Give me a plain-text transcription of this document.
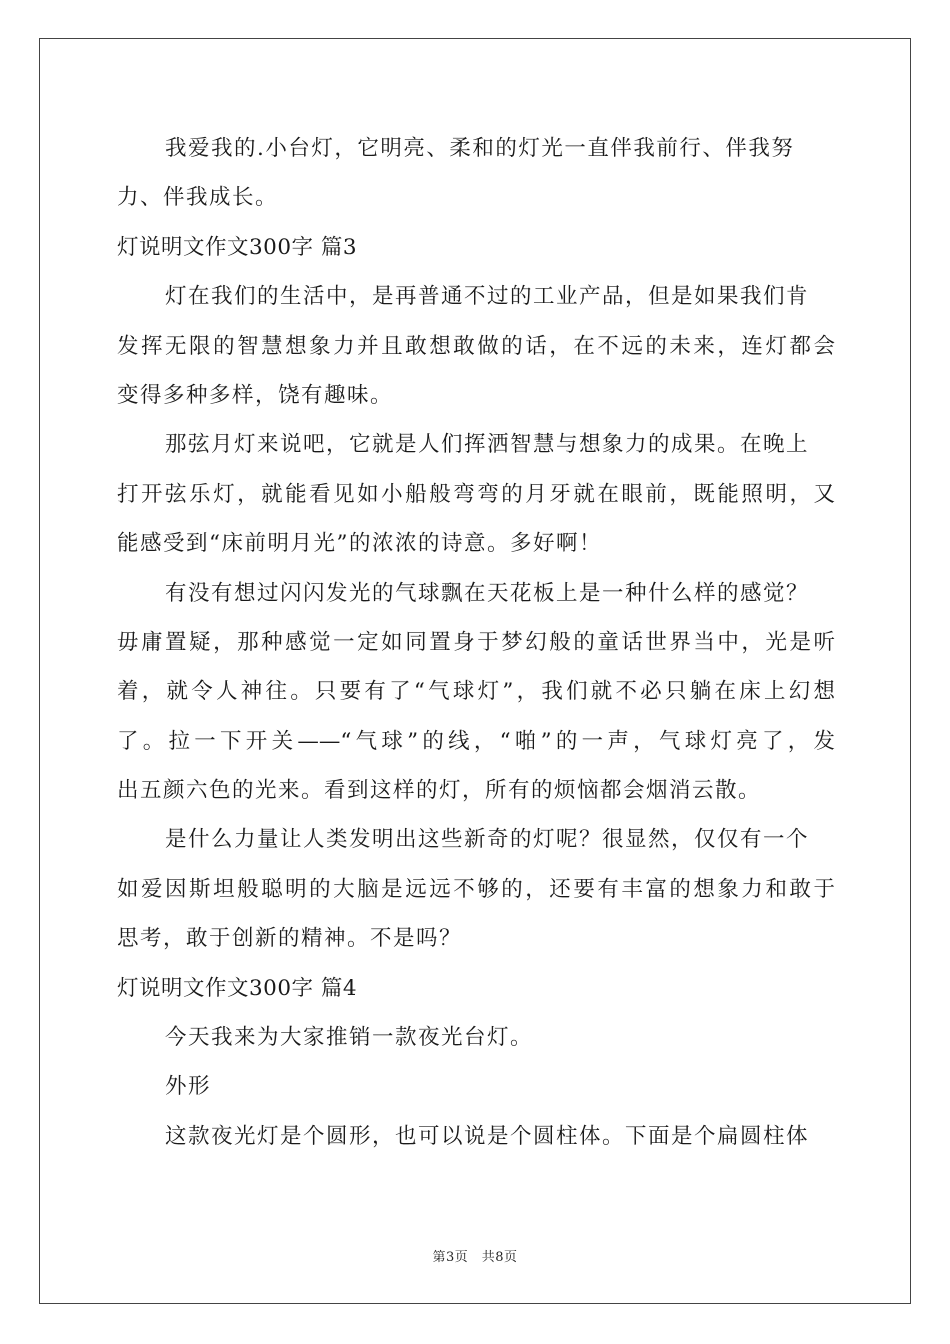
我爱我的.小台灯，它明亮、柔和的灯光一直伴我前行、伴我努
力、伴我成长。
灯说明文作文300字 篇3
灯在我们的生活中，是再普通不过的工业产品，但是如果我们肯
发挥无限的智慧想象力并且敢想敢做的话，在不远的未来，连灯都会
变得多种多样，饶有趣味。
那弦月灯来说吧，它就是人们挥洒智慧与想象力的成果。在晚上
打开弦乐灯，就能看见如小船般弯弯的月牙就在眼前，既能照明，又
能感受到“床前明月光”的浓浓的诗意。多好啊！
有没有想过闪闪发光的气球飘在天花板上是一种什么样的感觉？
毋庸置疑，那种感觉一定如同置身于梦幻般的童话世界当中，光是听
着，就令人神往。只要有了“气球灯”，我们就不必只躺在床上幻想
了。拉一下开关——“气球”的线，“啪”的一声，气球灯亮了，发
出五颜六色的光来。看到这样的灯，所有的烦恼都会烟消云散。
是什么力量让人类发明出这些新奇的灯呢？很显然，仅仅有一个
如爱因斯坦般聪明的大脑是远远不够的，还要有丰富的想象力和敢于
思考，敢于创新的精神。不是吗？
灯说明文作文300字 篇4
今天我来为大家推销一款夜光台灯。
外形
这款夜光灯是个圆形，也可以说是个圆柱体。下面是个扁圆柱体
第3页　共8页
